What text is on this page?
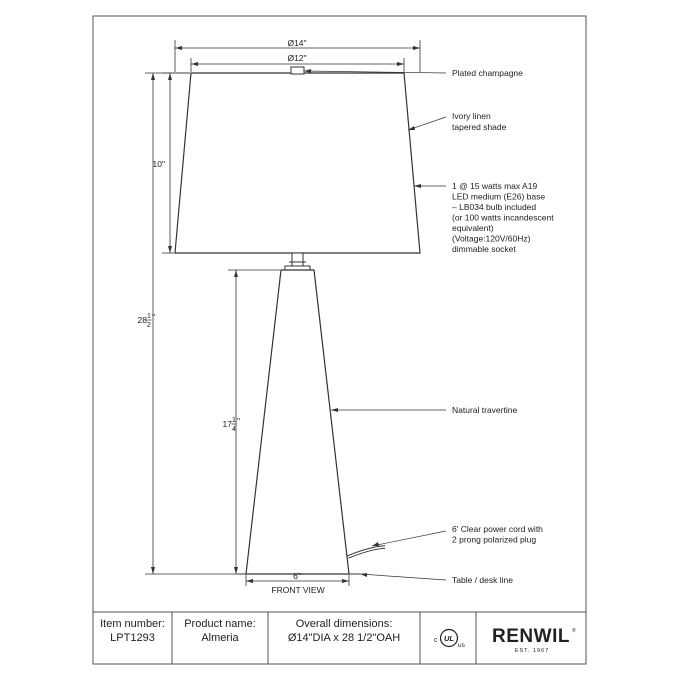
Ø14"
Ø12"
10"
28 1
2
"
17 1
4
"
6"
FRONT VIEW
Plated champagne
Ivory linen tapered shade
1 @ 15 watts max A19 LED medium (E26) base – LB034 bulb included (or 100 watts incandescent equivalent) (Voltage:120V/60Hz) dimmable socket
Natural travertine
6' Clear power cord with 2 prong polarized plug
Table / desk line
UL
c
us RENWIL ®
EST. 1967
Item number:
LPT1293
Product name:
Almeria
Overall dimensions:
Ø14"DIA x 28 1/2"OAH
